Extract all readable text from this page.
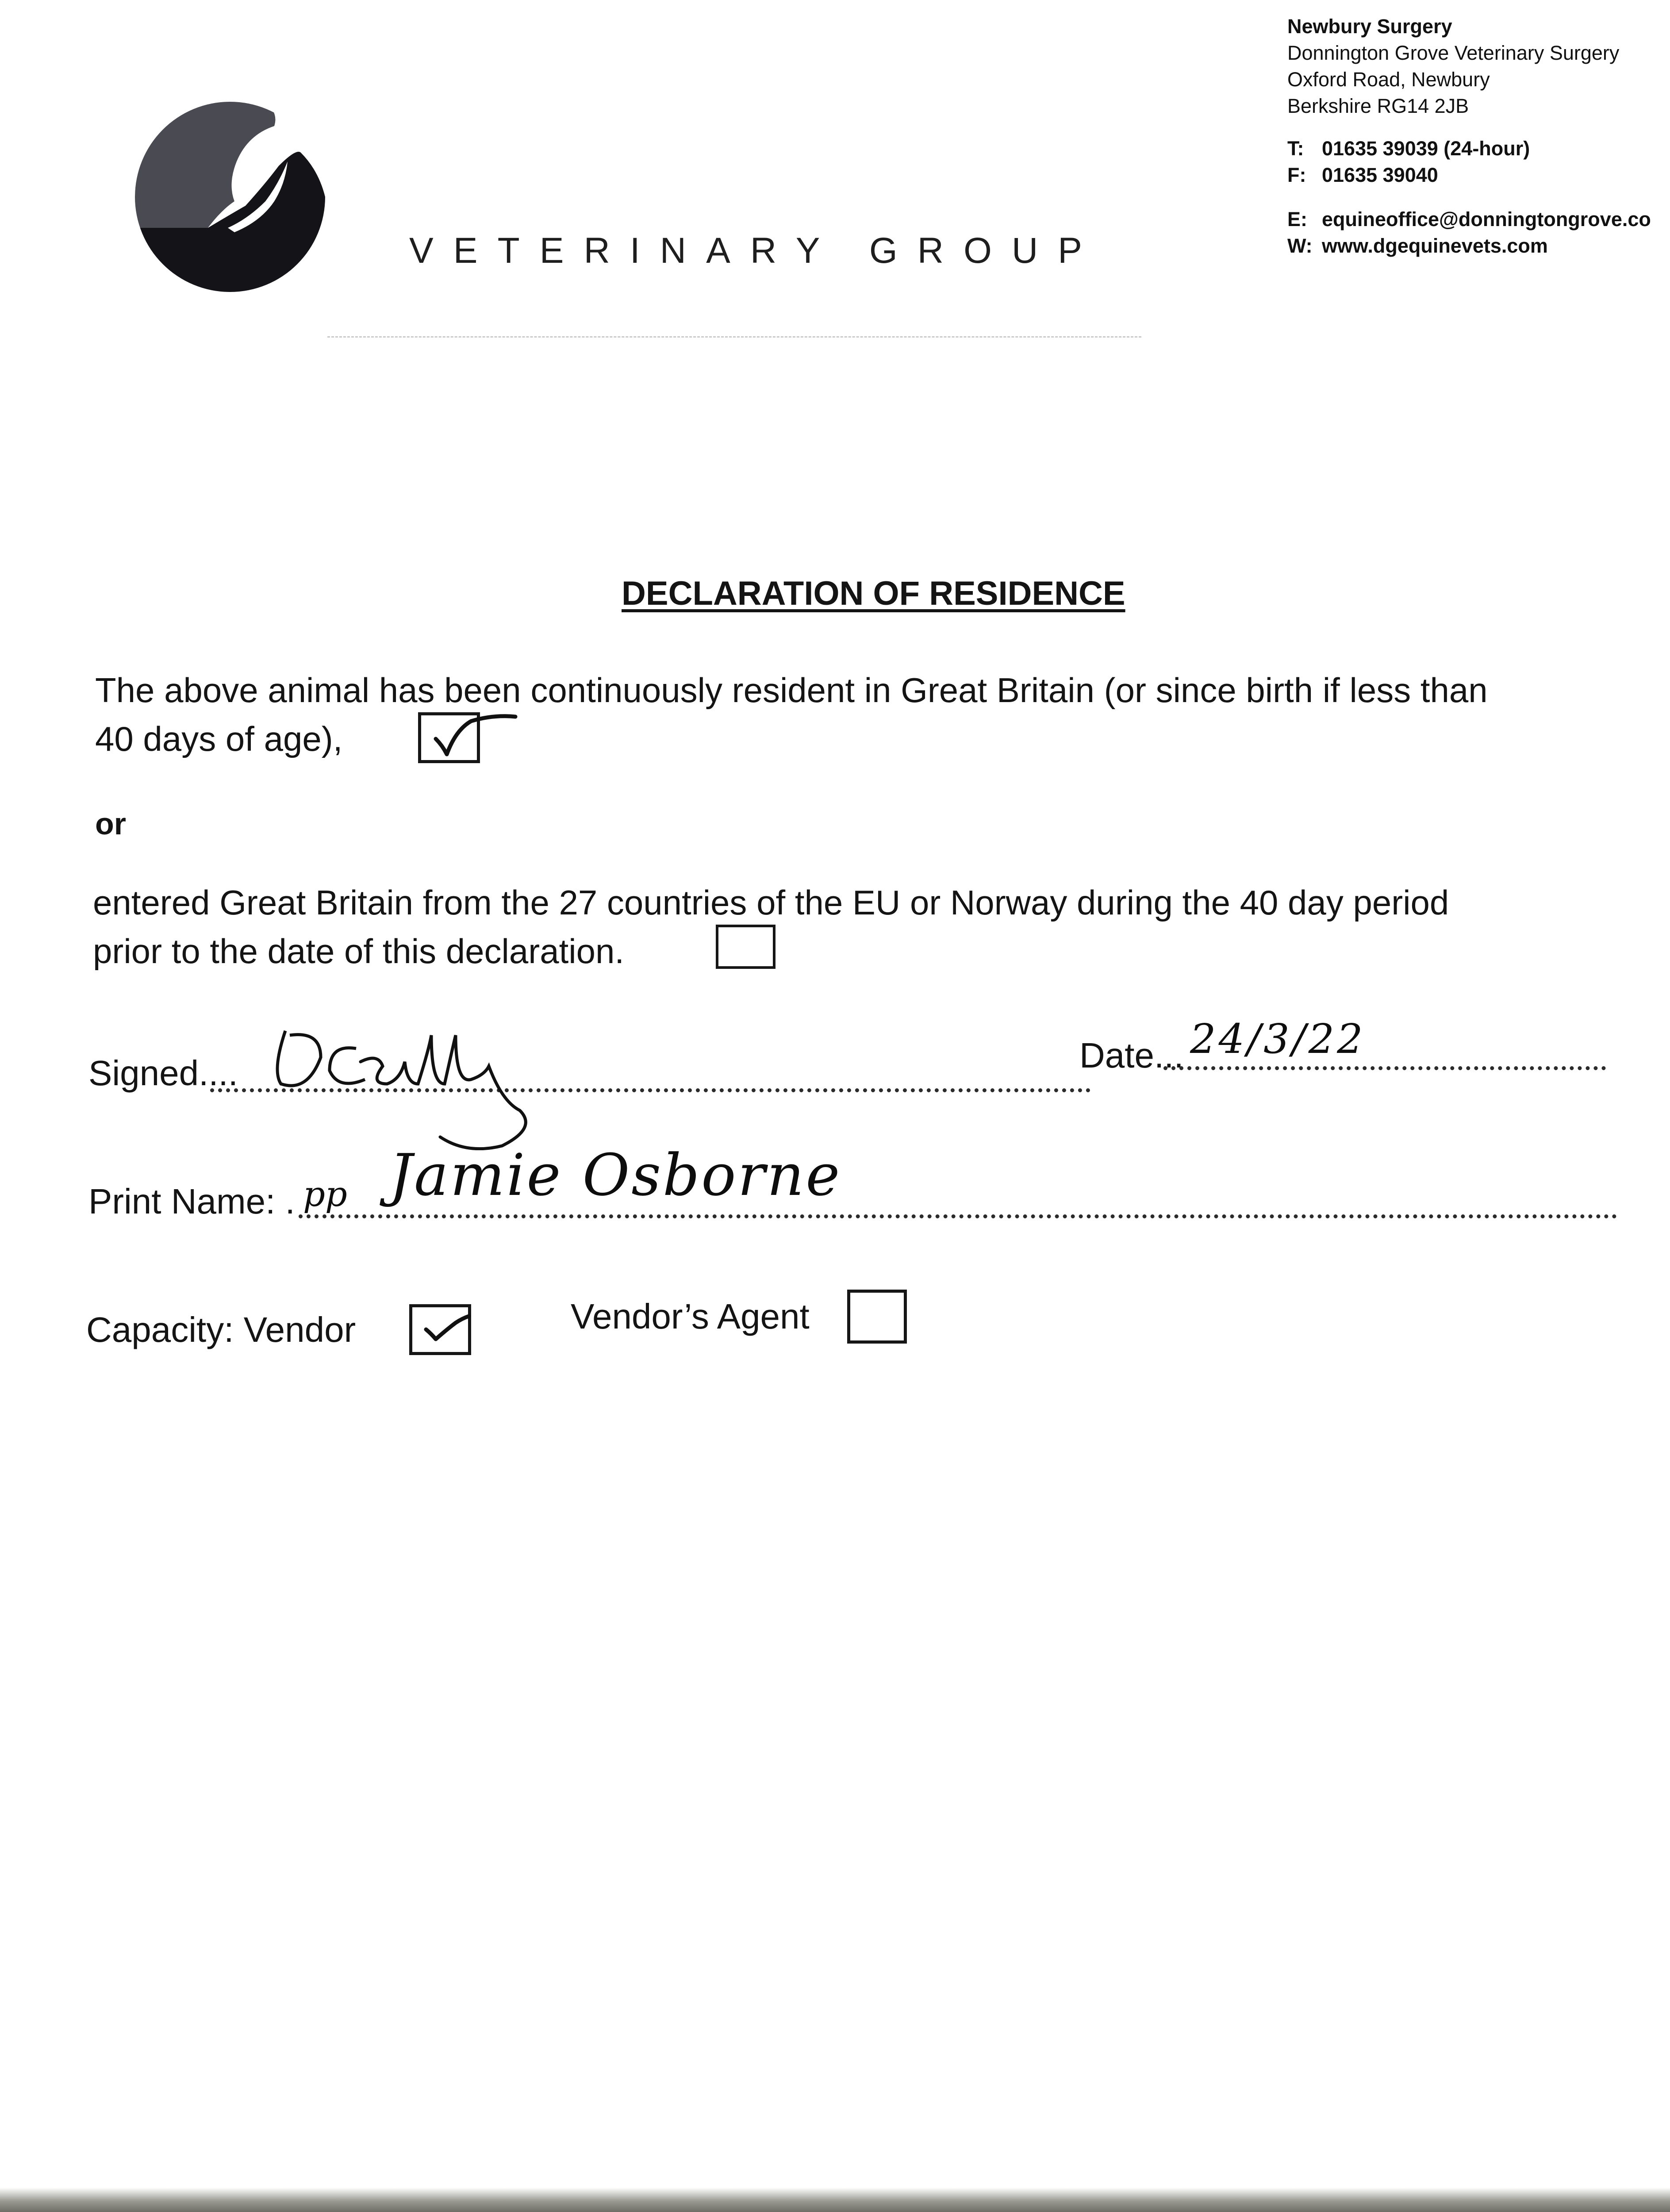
VETERINARY GROUP
Newbury Surgery
Donnington Grove Veterinary Surgery
Oxford Road, Newbury
Berkshire RG14 2JB
T: 01635 39039 (24-hour)
F: 01635 39040
E: equineoffice@donningtongrove.co
W: www.dgequinevets.com
DECLARATION OF RESIDENCE
The above animal has been continuously resident in Great Britain (or since birth if less than
40 days of age),
or
entered Great Britain from the 27 countries of the EU or Norway during the 40 day period
prior to the date of this declaration.
Signed....	Date... 24/3/22
Print Name: . pp Jamie Osborne
Capacity: Vendor	Vendor’s Agent
